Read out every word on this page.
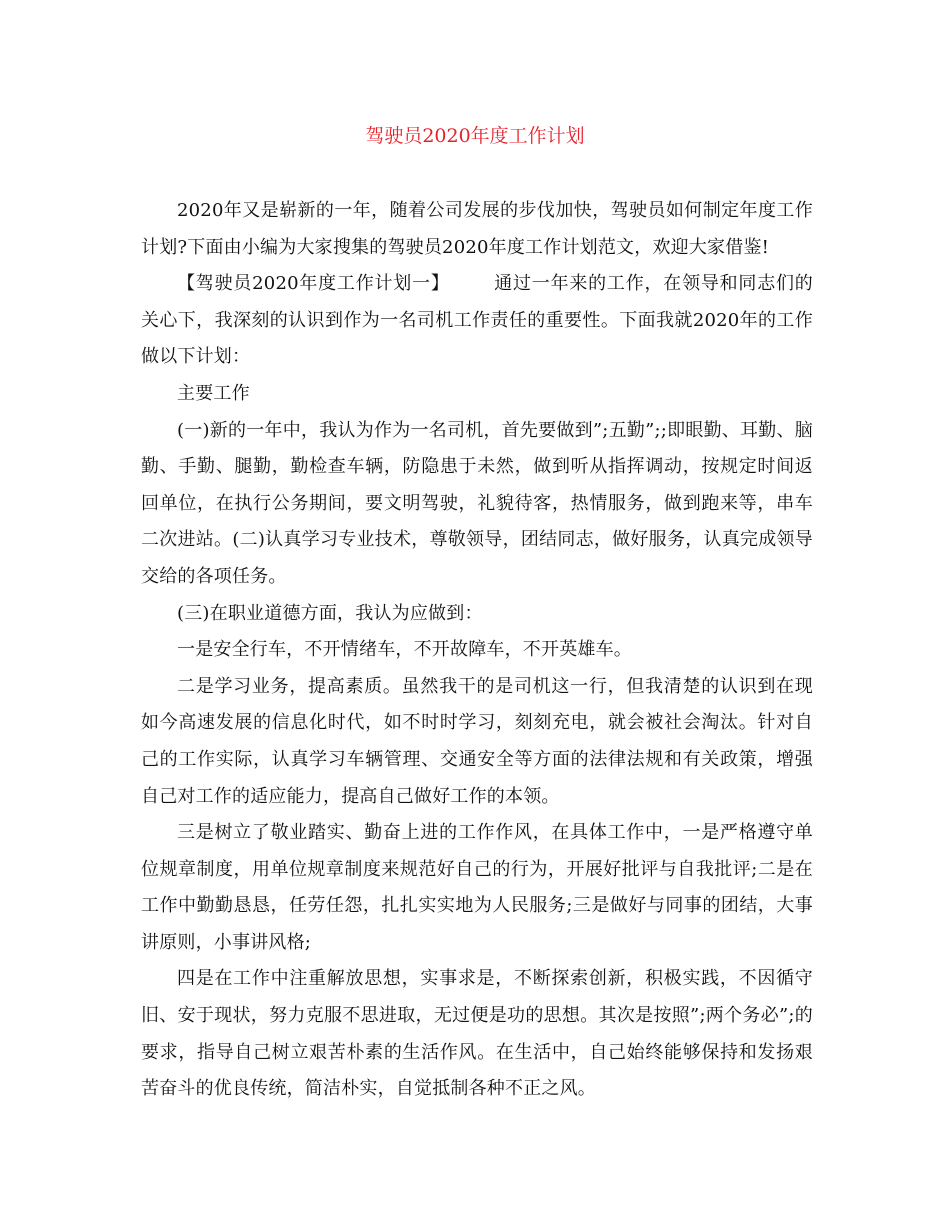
驾驶员2020年度工作计划

2020年又是崭新的一年，随着公司发展的步伐加快，驾驶员如何制定年度工作计划?下面由小编为大家搜集的驾驶员2020年度工作计划范文，欢迎大家借鉴!

【驾驶员2020年度工作计划一】 通过一年来的工作，在领导和同志们的关心下，我深刻的认识到作为一名司机工作责任的重要性。下面我就2020年的工作做以下计划：

主要工作

(一)新的一年中，我认为作为一名司机，首先要做到”;五勤”;;即眼勤、耳勤、脑勤、手勤、腿勤，勤检查车辆，防隐患于未然，做到听从指挥调动，按规定时间返回单位，在执行公务期间，要文明驾驶，礼貌待客，热情服务，做到跑来等，串车二次进站。(二)认真学习专业技术，尊敬领导，团结同志，做好服务，认真完成领导交给的各项任务。

(三)在职业道德方面，我认为应做到：

一是安全行车，不开情绪车，不开故障车，不开英雄车。

二是学习业务，提高素质。虽然我干的是司机这一行，但我清楚的认识到在现如今高速发展的信息化时代，如不时时学习，刻刻充电，就会被社会淘汰。针对自己的工作实际，认真学习车辆管理、交通安全等方面的法律法规和有关政策，增强自己对工作的适应能力，提高自己做好工作的本领。

三是树立了敬业踏实、勤奋上进的工作作风，在具体工作中，一是严格遵守单位规章制度，用单位规章制度来规范好自己的行为，开展好批评与自我批评;二是在工作中勤勤恳恳，任劳任怨，扎扎实实地为人民服务;三是做好与同事的团结，大事讲原则，小事讲风格;

四是在工作中注重解放思想，实事求是，不断探索创新，积极实践，不因循守旧、安于现状，努力克服不思进取，无过便是功的思想。其次是按照”;两个务必”;的要求，指导自己树立艰苦朴素的生活作风。在生活中，自己始终能够保持和发扬艰苦奋斗的优良传统，简洁朴实，自觉抵制各种不正之风。
